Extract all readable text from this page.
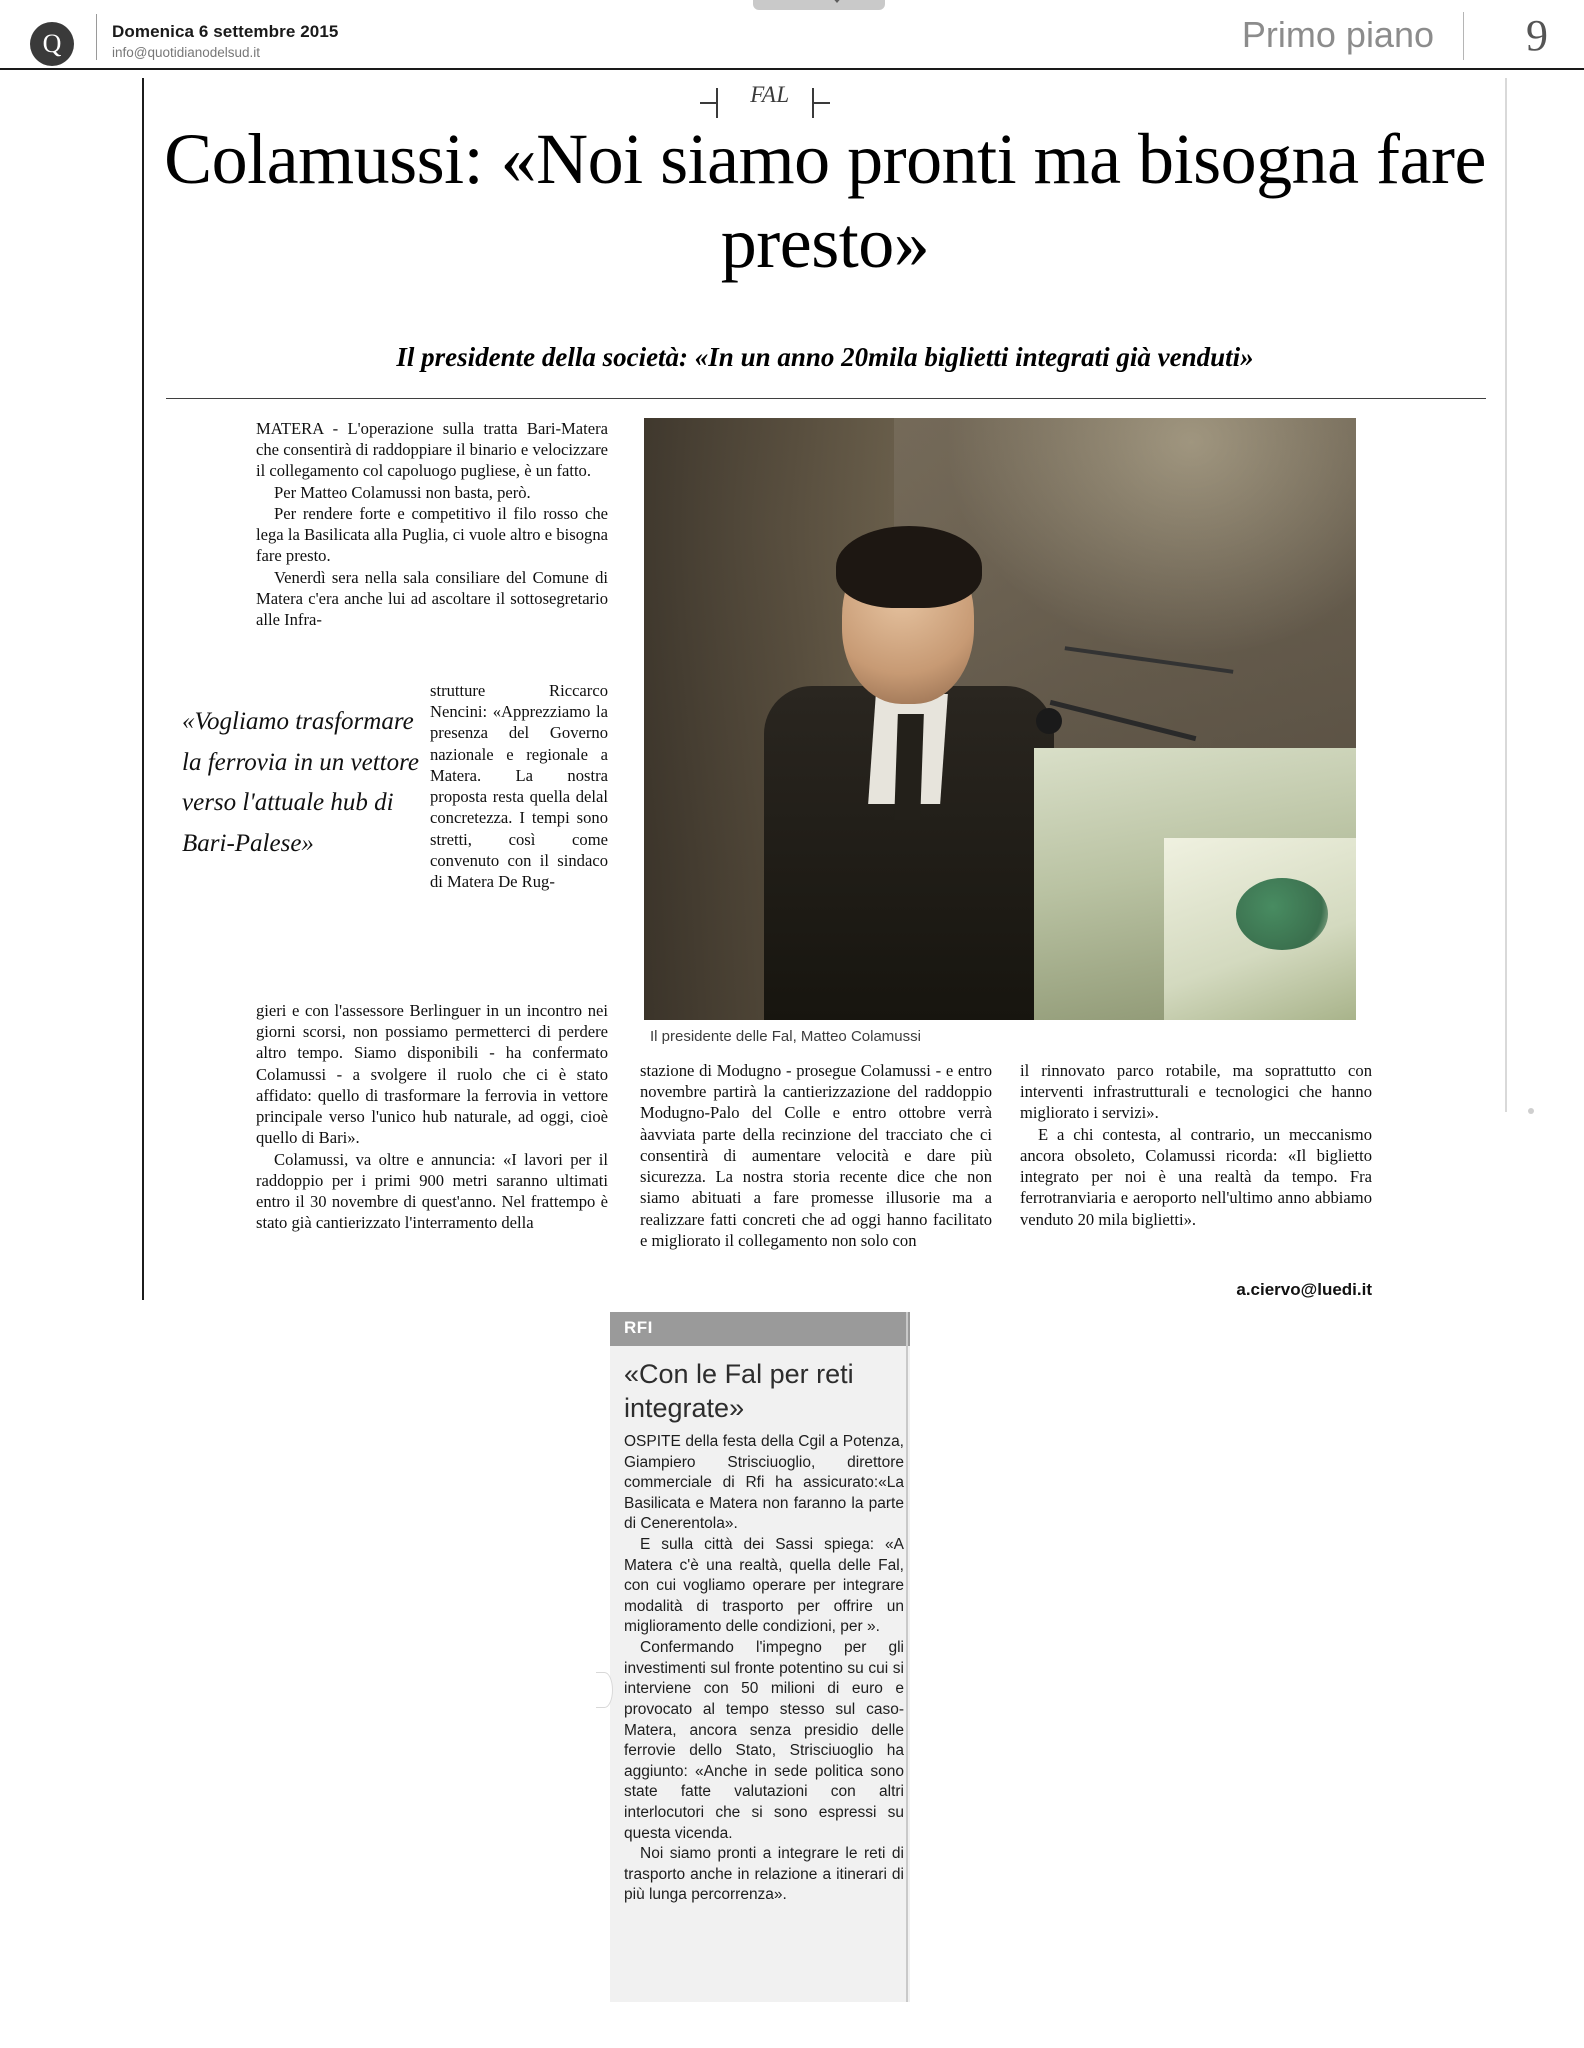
Q	Domenica 6 settembre 2015
info@quotidianodelsud.it	Primo piano 9
FAL
Colamussi: «Noi siamo pronti ma bisogna fare presto»
Il presidente della società: «In un anno 20mila biglietti integrati già venduti»
Il presidente delle Fal, Matteo Colamussi

MATERA - L'operazione sulla tratta Bari-Matera che consentirà di raddoppiare il binario e velocizzare il collegamento col capoluogo pugliese, è un fatto.

Per Matteo Colamussi non basta, però.

Per rendere forte e competitivo il filo rosso che lega la Basilicata alla Puglia, ci vuole altro e bisogna fare presto.

Venerdì sera nella sala consiliare del Comune di Matera c'era anche lui ad ascoltare il sottosegretario alle Infra-

strutture Riccarco Nencini: «Apprezziamo la presenza del Governo nazionale e regionale a Matera. La nostra proposta resta quella delal concretezza. I tempi sono stretti, così come convenuto con il sindaco di Matera De Rug-

«Vogliamo trasformare la ferrovia in un vettore verso l'attuale hub di Bari-Palese»

gieri e con l'assessore Berlinguer in un incontro nei giorni scorsi, non possiamo permetterci di perdere altro tempo. Siamo disponibili - ha confermato Colamussi - a svolgere il ruolo che ci è stato affidato: quello di trasformare la ferrovia in vettore principale verso l'unico hub naturale, ad oggi, cioè quello di Bari».

Colamussi, va oltre e annuncia: «I lavori per il raddoppio per i primi 900 metri saranno ultimati entro il 30 novembre di quest'anno. Nel frattempo è stato già cantierizzato l'interramento della

stazione di Modugno - prosegue Colamussi - e entro novembre partirà la cantierizzazione del raddoppio Modugno-Palo del Colle e entro ottobre verrà àavviata parte della recinzione del tracciato che ci consentirà di aumentare velocità e dare più sicurezza. La nostra storia recente dice che non siamo abituati a fare promesse illusorie ma a realizzare fatti concreti che ad oggi hanno facilitato e migliorato il collegamento non solo con

il rinnovato parco rotabile, ma soprattutto con interventi infrastrutturali e tecnologici che hanno migliorato i servizi».

E a chi contesta, al contrario, un meccanismo ancora obsoleto, Colamussi ricorda: «Il biglietto integrato per noi è una realtà da tempo. Fra ferrotranviaria e aeroporto nell'ultimo anno abbiamo venduto 20 mila biglietti».

a.ciervo@luedi.it
RFI
«Con le Fal per reti integrate»

OSPITE della festa della Cgil a Potenza, Giampiero Strisciuoglio, direttore commerciale di Rfi ha assicurato:«La Basilicata e Matera non faranno la parte di Cenerentola».

E sulla città dei Sassi spiega: «A Matera c'è una realtà, quella delle Fal, con cui vogliamo operare per integrare modalità di trasporto per offrire un miglioramento delle condizioni, per ».

Confermando l'impegno per gli investimenti sul fronte potentino su cui si interviene con 50 milioni di euro e provocato al tempo stesso sul caso-Matera, ancora senza presidio delle ferrovie dello Stato, Strisciuoglio ha aggiunto: «Anche in sede politica sono state fatte valutazioni con altri interlocutori che si sono espressi su questa vicenda.

Noi siamo pronti a integrare le reti di trasporto anche in relazione a itinerari di più lunga percorrenza».
